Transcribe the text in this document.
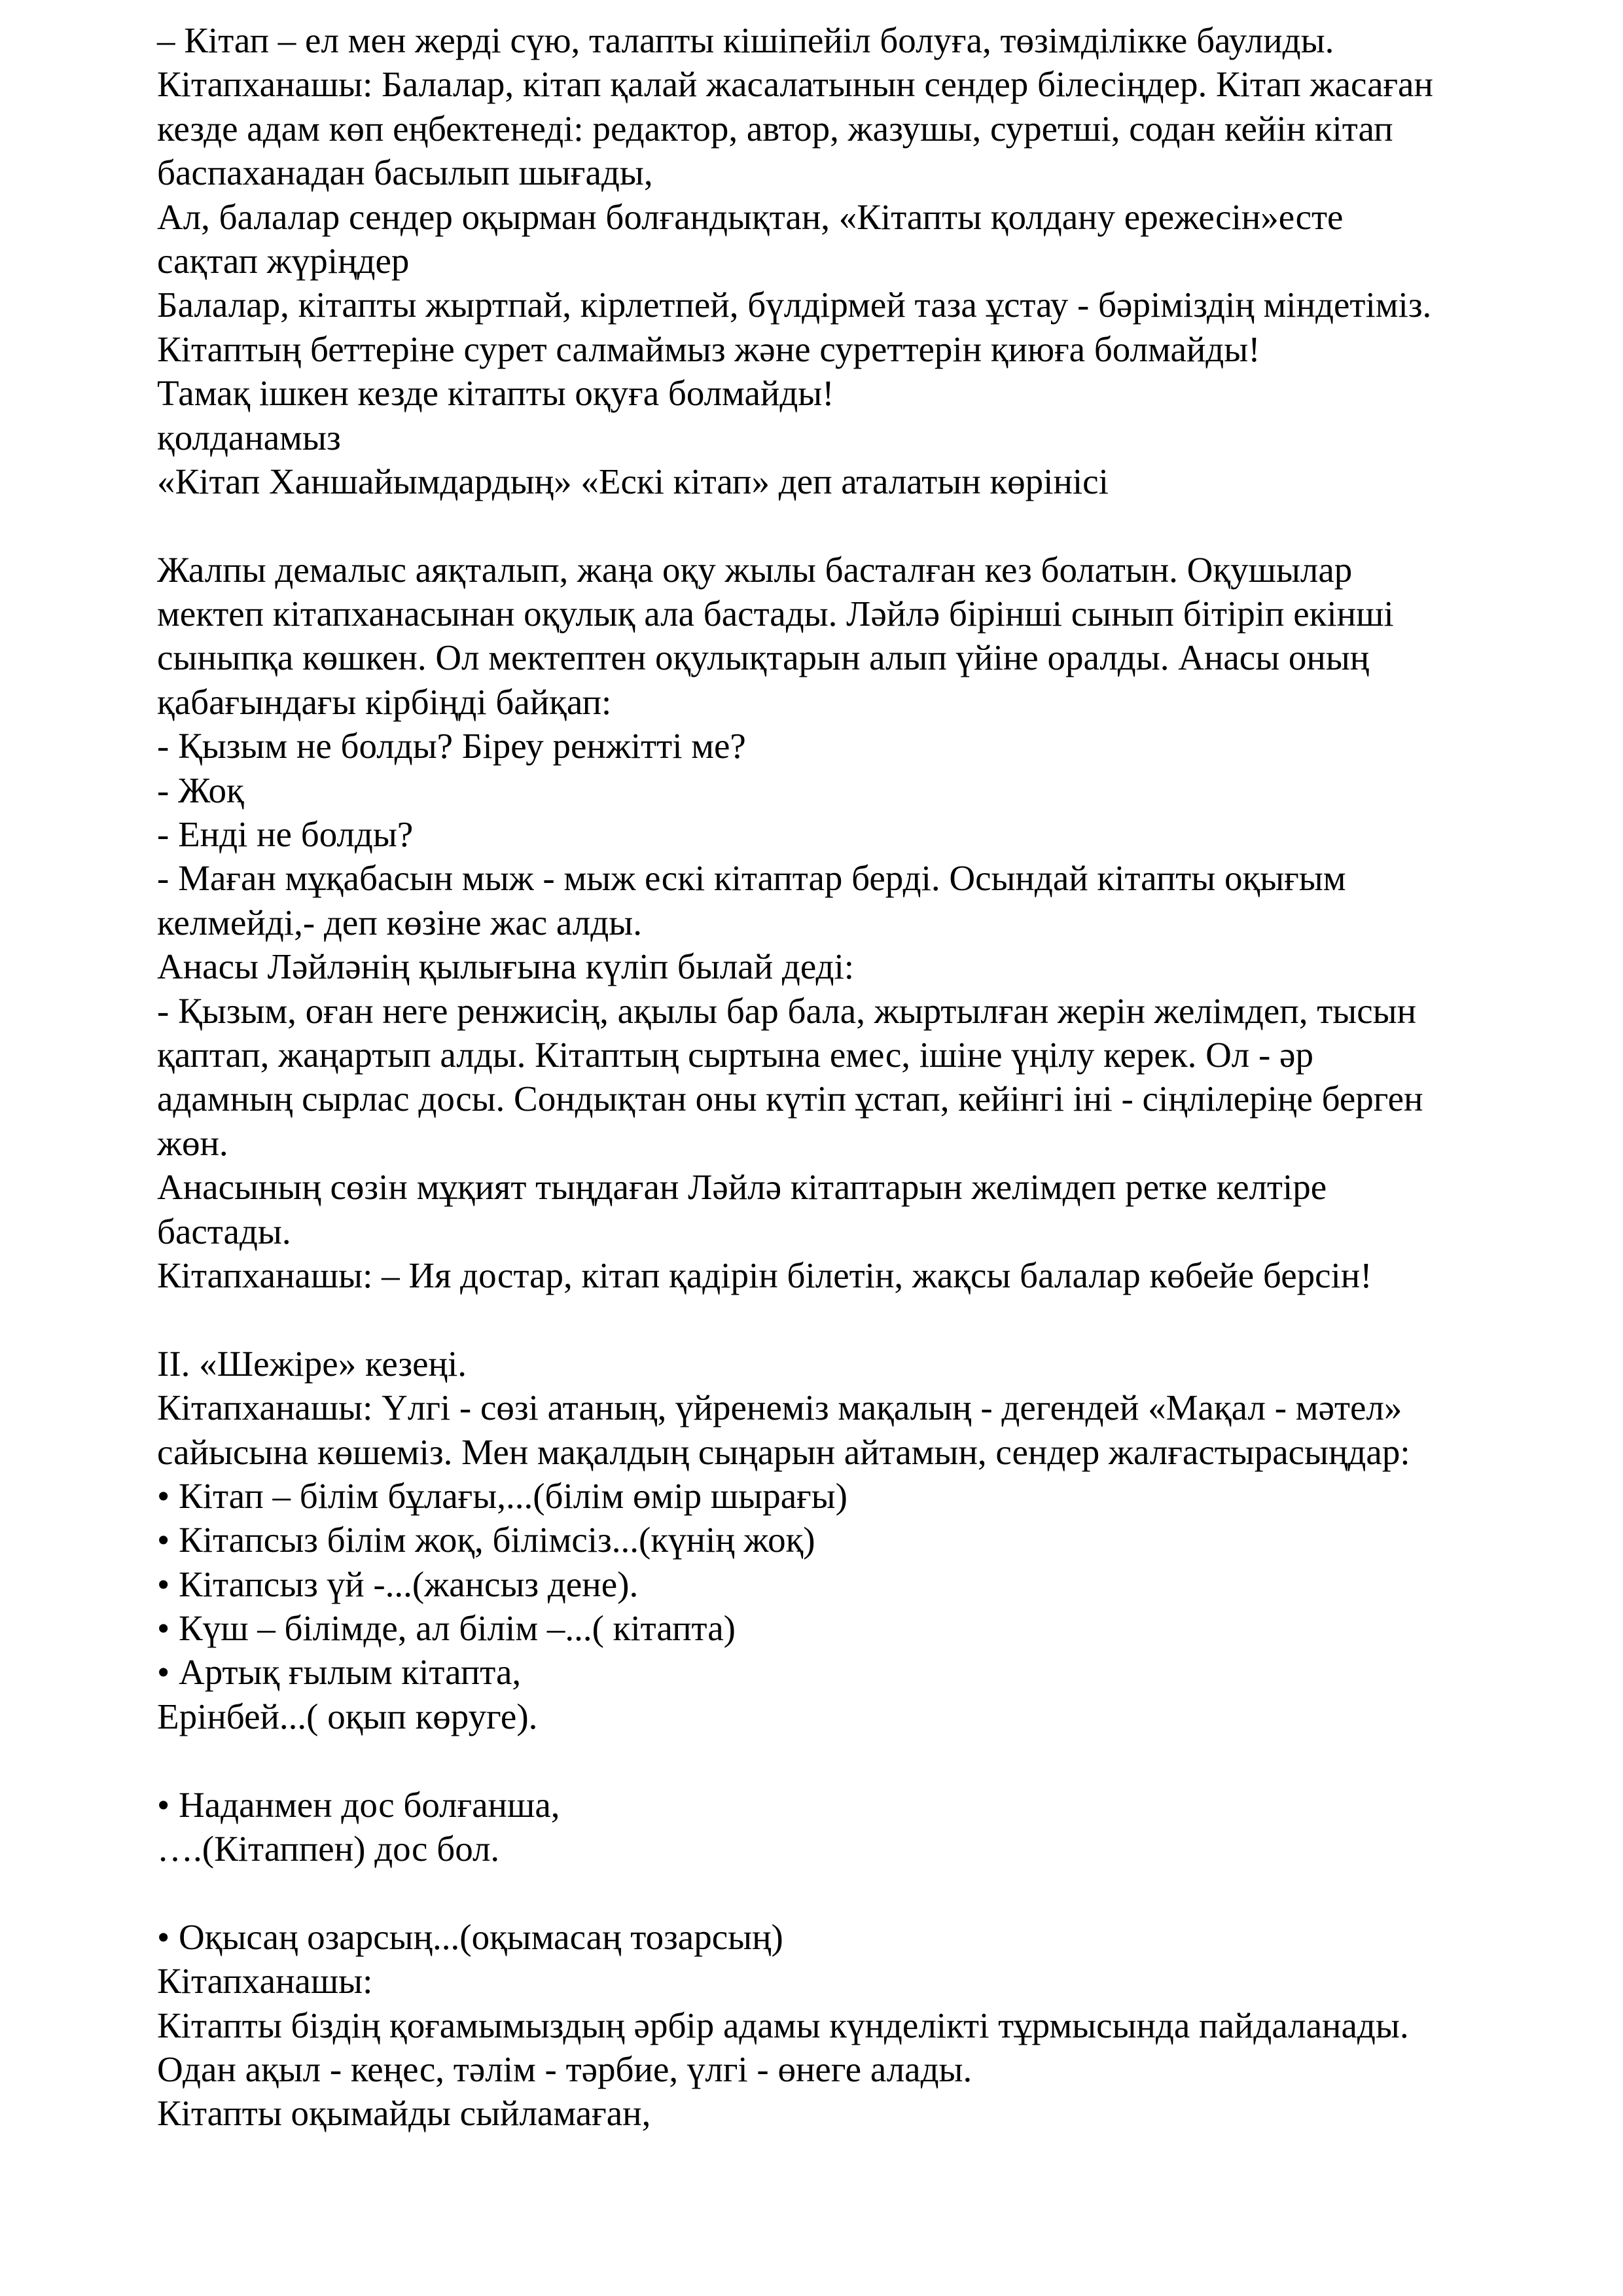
– Кітап – ел мен жерді сүю, талапты кішіпейіл болуға, төзімділікке баулиды.
Кітапханашы: Балалар, кітап қалай жасалатынын сендер білесіңдер. Кітап жасаған
кезде адам көп еңбектенеді: редактор, автор, жазушы, суретші, содан кейін кітап
баспаханадан басылып шығады,
Ал, балалар сендер оқырман болғандықтан, «Кітапты қолдану ережесін»есте
сақтап жүріңдер
Балалар, кітапты жыртпай, кірлетпей, бүлдірмей таза ұстау - бәріміздің міндетіміз.
Кітаптың беттеріне сурет салмаймыз және суреттерін қиюға болмайды!
Тамақ ішкен кезде кітапты оқуға болмайды!
қолданамыз
«Кітап Ханшайымдардың» «Ескі кітап» деп аталатын көрінісі
Жалпы демалыс аяқталып, жаңа оқу жылы басталған кез болатын. Оқушылар
мектеп кітапханасынан оқулық ала бастады. Ләйлә бірінші сынып бітіріп екінші
сыныпқа көшкен. Ол мектептен оқулықтарын алып үйіне оралды. Анасы оның
қабағындағы кірбіңді байқап:
- Қызым не болды? Біреу ренжітті ме?
- Жоқ
- Енді не болды?
- Маған мұқабасын мыж - мыж ескі кітаптар берді. Осындай кітапты оқығым
келмейді,- деп көзіне жас алды.
Анасы Ләйләнің қылығына күліп былай деді:
- Қызым, оған неге ренжисің, ақылы бар бала, жыртылған жерін желімдеп, тысын
қаптап, жаңартып алды. Кітаптың сыртына емес, ішіне үңілу керек. Ол - әр
адамның сырлас досы. Сондықтан оны күтіп ұстап, кейінгі іні - сіңлілеріңе берген
жөн.
Анасының сөзін мұқият тыңдаған Ләйлә кітаптарын желімдеп ретке келтіре
бастады.
Кітапханашы: – Ия достар, кітап қадірін білетін, жақсы балалар көбейе берсін!
ІІ. «Шежіре» кезеңі.
Кітапханашы: Үлгі - сөзі атаның, үйренеміз мақалың - дегендей «Мақал - мәтел»
сайысына көшеміз. Мен мақалдың сыңарын айтамын, сендер жалғастырасыңдар:
• Кітап – білім бұлағы,...(білім өмір шырағы)
• Кітапсыз білім жоқ, білімсіз...(күнің жоқ)
• Кітапсыз үй -...(жансыз дене).
• Күш – білімде, ал білім –...( кітапта)
• Артық ғылым кітапта,
Ерінбей...( оқып көруге).
• Наданмен дос болғанша,
….(Кітаппен) дос бол.
• Оқысаң озарсың...(оқымасаң тозарсың)
Кітапханашы:
Кітапты біздің қоғамымыздың әрбір адамы күнделікті тұрмысында пайдаланады.
Одан ақыл - кеңес, тәлім - тәрбие, үлгі - өнеге алады.
Кітапты оқымайды сыйламаған,
